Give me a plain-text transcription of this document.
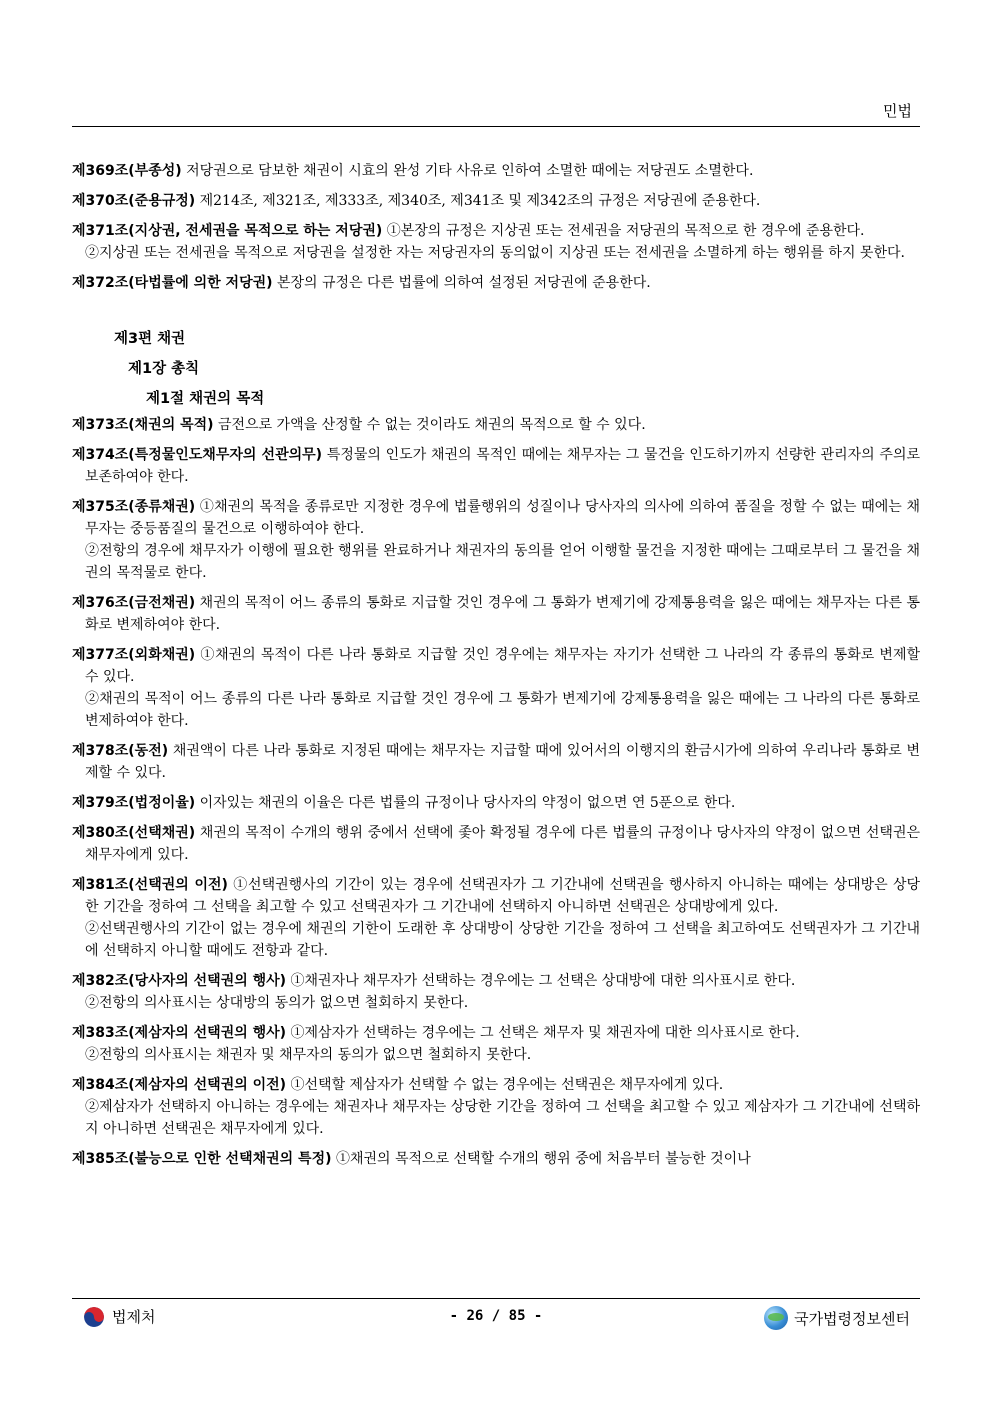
민법
제369조(부종성) 저당권으로 담보한 채권이 시효의 완성 기타 사유로 인하여 소멸한 때에는 저당권도 소멸한다.
제370조(준용규정) 제214조, 제321조, 제333조, 제340조, 제341조 및 제342조의 규정은 저당권에 준용한다.
제371조(지상권, 전세권을 목적으로 하는 저당권) ①본장의 규정은 지상권 또는 전세권을 저당권의 목적으로 한 경우에 준용한다.
②지상권 또는 전세권을 목적으로 저당권을 설정한 자는 저당권자의 동의없이 지상권 또는 전세권을 소멸하게 하는 행위를 하지 못한다.
제372조(타법률에 의한 저당권) 본장의 규정은 다른 법률에 의하여 설정된 저당권에 준용한다.
제3편 채권
제1장 총칙
제1절 채권의 목적
제373조(채권의 목적) 금전으로 가액을 산정할 수 없는 것이라도 채권의 목적으로 할 수 있다.
제374조(특정물인도채무자의 선관의무) 특정물의 인도가 채권의 목적인 때에는 채무자는 그 물건을 인도하기까지 선량한 관리자의 주의로 보존하여야 한다.
제375조(종류채권) ①채권의 목적을 종류로만 지정한 경우에 법률행위의 성질이나 당사자의 의사에 의하여 품질을 정할 수 없는 때에는 채무자는 중등품질의 물건으로 이행하여야 한다.
②전항의 경우에 채무자가 이행에 필요한 행위를 완료하거나 채권자의 동의를 얻어 이행할 물건을 지정한 때에는 그때로부터 그 물건을 채권의 목적물로 한다.
제376조(금전채권) 채권의 목적이 어느 종류의 통화로 지급할 것인 경우에 그 통화가 변제기에 강제통용력을 잃은 때에는 채무자는 다른 통화로 변제하여야 한다.
제377조(외화채권) ①채권의 목적이 다른 나라 통화로 지급할 것인 경우에는 채무자는 자기가 선택한 그 나라의 각 종류의 통화로 변제할 수 있다.
②채권의 목적이 어느 종류의 다른 나라 통화로 지급할 것인 경우에 그 통화가 변제기에 강제통용력을 잃은 때에는 그 나라의 다른 통화로 변제하여야 한다.
제378조(동전) 채권액이 다른 나라 통화로 지정된 때에는 채무자는 지급할 때에 있어서의 이행지의 환금시가에 의하여 우리나라 통화로 변제할 수 있다.
제379조(법정이율) 이자있는 채권의 이율은 다른 법률의 규정이나 당사자의 약정이 없으면 연 5푼으로 한다.
제380조(선택채권) 채권의 목적이 수개의 행위 중에서 선택에 좇아 확정될 경우에 다른 법률의 규정이나 당사자의 약정이 없으면 선택권은 채무자에게 있다.
제381조(선택권의 이전) ①선택권행사의 기간이 있는 경우에 선택권자가 그 기간내에 선택권을 행사하지 아니하는 때에는 상대방은 상당한 기간을 정하여 그 선택을 최고할 수 있고 선택권자가 그 기간내에 선택하지 아니하면 선택권은 상대방에게 있다.
②선택권행사의 기간이 없는 경우에 채권의 기한이 도래한 후 상대방이 상당한 기간을 정하여 그 선택을 최고하여도 선택권자가 그 기간내에 선택하지 아니할 때에도 전항과 같다.
제382조(당사자의 선택권의 행사) ①채권자나 채무자가 선택하는 경우에는 그 선택은 상대방에 대한 의사표시로 한다.
②전항의 의사표시는 상대방의 동의가 없으면 철회하지 못한다.
제383조(제삼자의 선택권의 행사) ①제삼자가 선택하는 경우에는 그 선택은 채무자 및 채권자에 대한 의사표시로 한다.
②전항의 의사표시는 채권자 및 채무자의 동의가 없으면 철회하지 못한다.
제384조(제삼자의 선택권의 이전) ①선택할 제삼자가 선택할 수 없는 경우에는 선택권은 채무자에게 있다.
②제삼자가 선택하지 아니하는 경우에는 채권자나 채무자는 상당한 기간을 정하여 그 선택을 최고할 수 있고 제삼자가 그 기간내에 선택하지 아니하면 선택권은 채무자에게 있다.
제385조(불능으로 인한 선택채권의 특정) ①채권의 목적으로 선택할 수개의 행위 중에 처음부터 불능한 것이나
법제처	- 26 / 85 -	국가법령정보센터
